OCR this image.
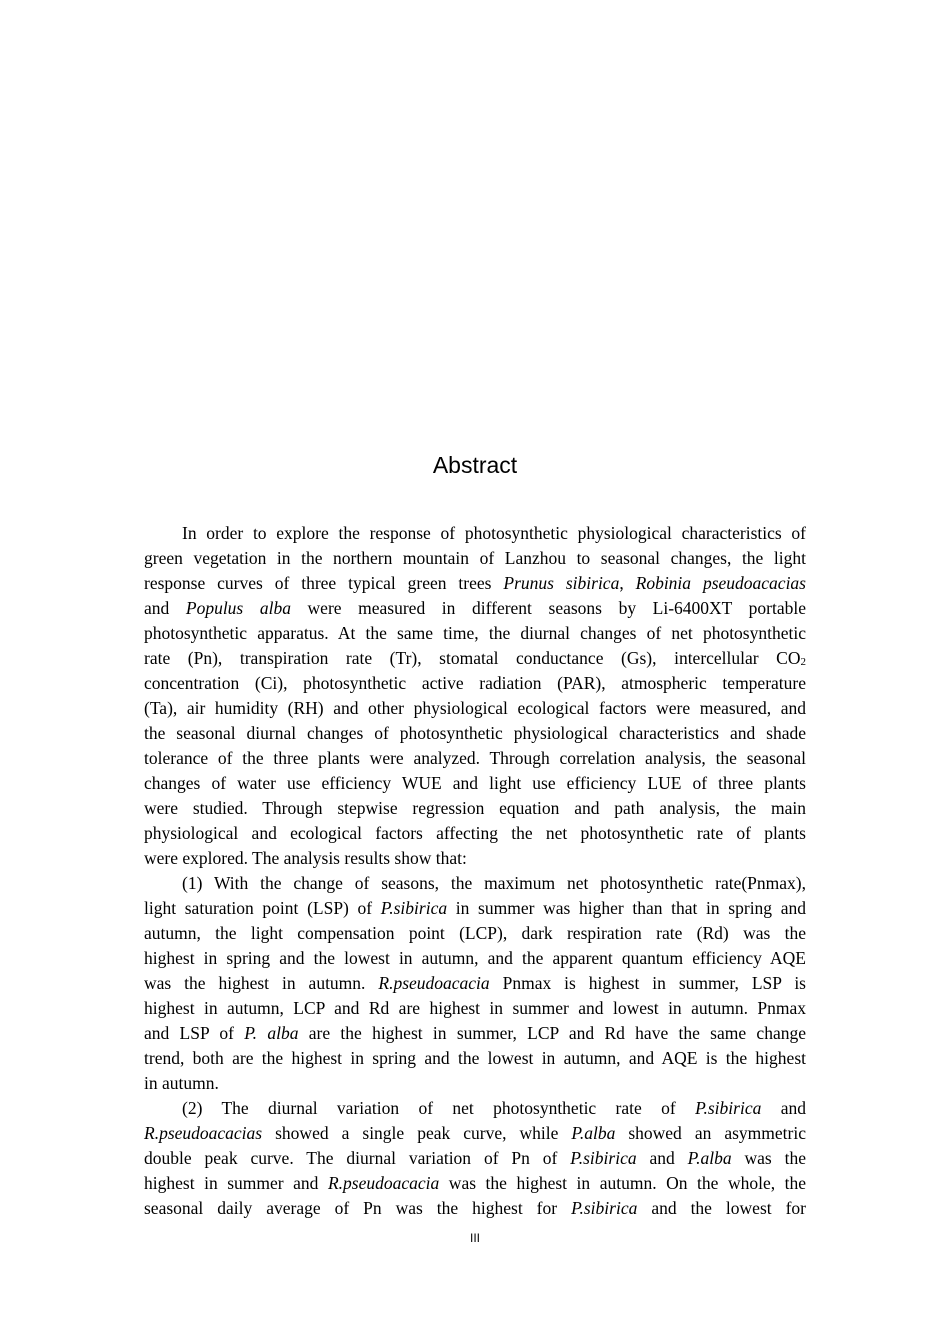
Abstract
In order to explore the response of photosynthetic physiological characteristics of
green vegetation in the northern mountain of Lanzhou to seasonal changes, the light
response curves of three typical green trees Prunus sibirica, Robinia pseudoacacias
and Populus alba were measured in different seasons by Li-6400XT portable
photosynthetic apparatus. At the same time, the diurnal changes of net photosynthetic
rate (Pn), transpiration rate (Tr), stomatal conductance (Gs), intercellular CO2
concentration (Ci), photosynthetic active radiation (PAR), atmospheric temperature
(Ta), air humidity (RH) and other physiological ecological factors were measured, and
the seasonal diurnal changes of photosynthetic physiological characteristics and shade
tolerance of the three plants were analyzed. Through correlation analysis, the seasonal
changes of water use efficiency WUE and light use efficiency LUE of three plants
were studied. Through stepwise regression equation and path analysis, the main
physiological and ecological factors affecting the net photosynthetic rate of plants
were explored. The analysis results show that:
(1) With the change of seasons, the maximum net photosynthetic rate(Pnmax),
light saturation point (LSP) of P.sibirica in summer was higher than that in spring and
autumn, the light compensation point (LCP), dark respiration rate (Rd) was the
highest in spring and the lowest in autumn, and the apparent quantum efficiency AQE
was the highest in autumn. R.pseudoacacia Pnmax is highest in summer, LSP is
highest in autumn, LCP and Rd are highest in summer and lowest in autumn. Pnmax
and LSP of P. alba are the highest in summer, LCP and Rd have the same change
trend, both are the highest in spring and the lowest in autumn, and AQE is the highest
in autumn.
(2) The diurnal variation of net photosynthetic rate of P.sibirica and
R.pseudoacacias showed a single peak curve, while P.alba showed an asymmetric
double peak curve. The diurnal variation of Pn of P.sibirica and P.alba was the
highest in summer and R.pseudoacacia was the highest in autumn. On the whole, the
seasonal daily average of Pn was the highest for P.sibirica and the lowest for
III
